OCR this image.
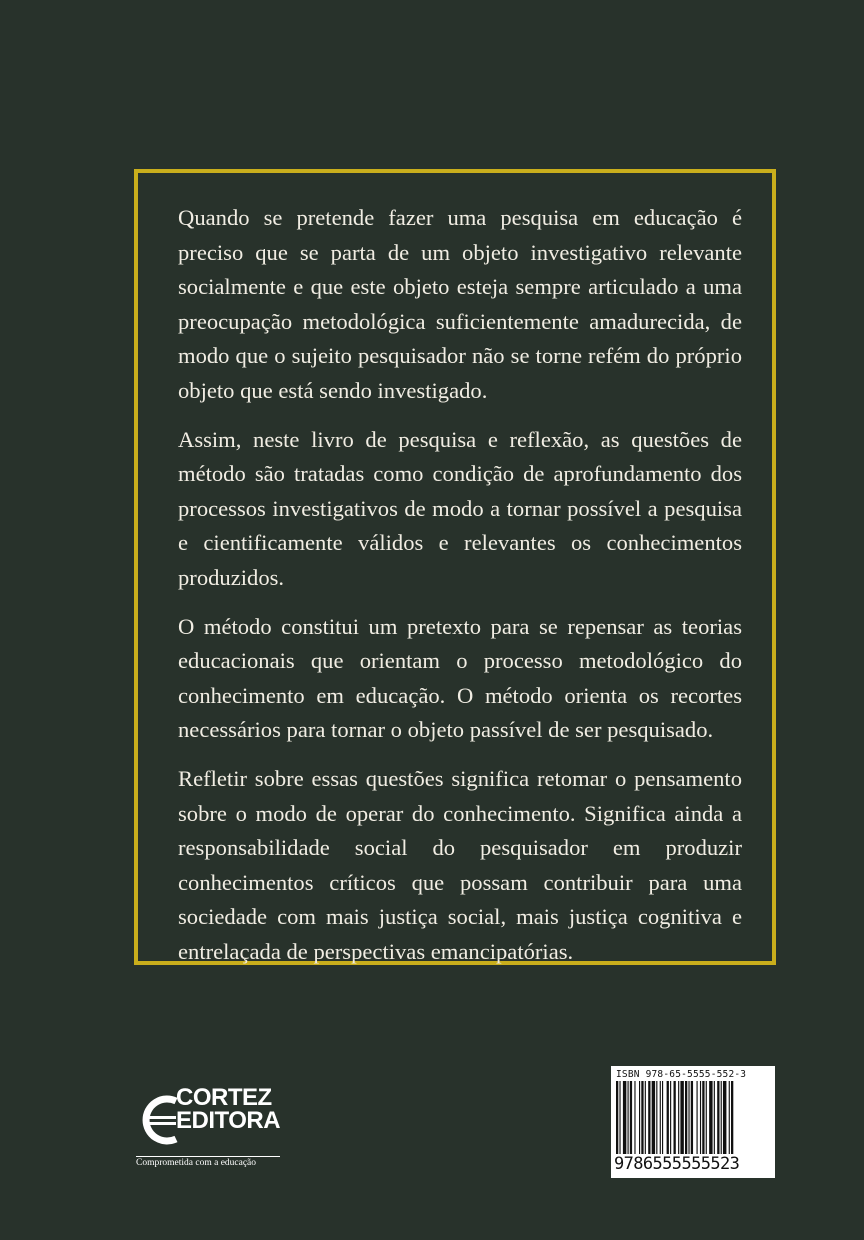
Quando se pretende fazer uma pesquisa em educação é preciso que se parta de um objeto investigativo relevante socialmente e que este objeto esteja sempre articulado a uma preocupação metodológica suficientemente amadurecida, de modo que o sujeito pesquisador não se torne refém do próprio objeto que está sendo investigado.

Assim, neste livro de pesquisa e reflexão, as questões de método são tratadas como condição de aprofundamento dos processos investigativos de modo a tornar possível a pesquisa e cientificamente válidos e relevantes os conhecimentos produzidos.

O método constitui um pretexto para se repensar as teorias educacionais que orientam o processo metodológico do conhecimento em educação. O método orienta os recortes necessários para tornar o objeto passível de ser pesquisado.

Refletir sobre essas questões significa retomar o pensamento sobre o modo de operar do conhecimento. Significa ainda a responsabilidade social do pesquisador em produzir conhecimentos críticos que possam contribuir para uma sociedade com mais justiça social, mais justiça cognitiva e entrelaçada de perspectivas emancipatórias.

CORTEZ
EDITORA
Comprometida com a educação
ISBN 978-65-5555-552-3
9786555555523
